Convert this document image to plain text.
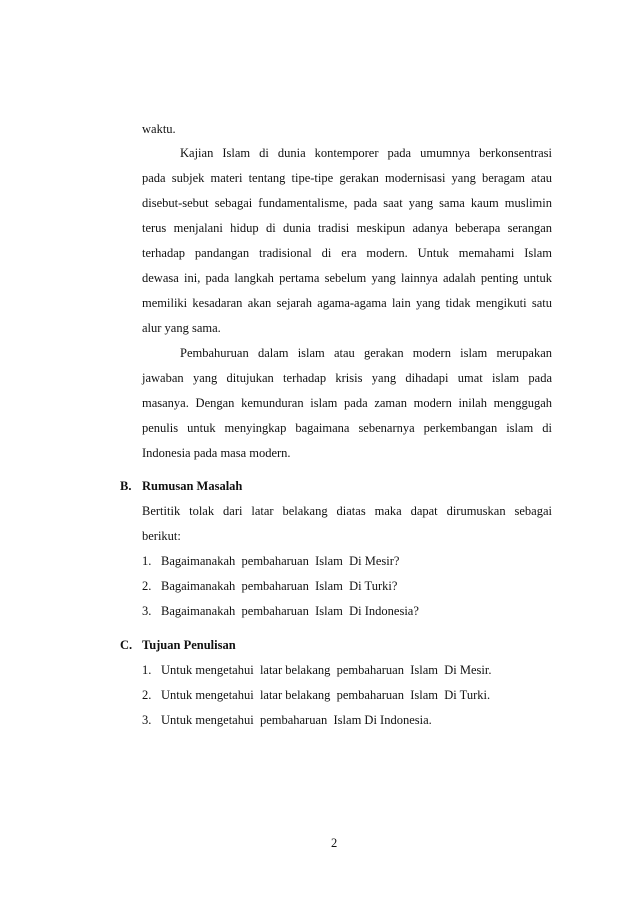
waktu.
Kajian Islam di dunia kontemporer pada umumnya berkonsentrasi
pada subjek materi tentang tipe-tipe gerakan modernisasi yang beragam atau
disebut-sebut sebagai fundamentalisme, pada saat yang sama kaum muslimin
terus menjalani hidup di dunia tradisi meskipun adanya beberapa serangan
terhadap pandangan tradisional di era modern. Untuk memahami Islam
dewasa ini, pada langkah pertama sebelum yang lainnya adalah penting untuk
memiliki kesadaran akan sejarah agama-agama lain yang tidak mengikuti satu
alur yang sama.
Pembahuruan dalam islam atau gerakan modern islam merupakan
jawaban yang ditujukan terhadap krisis yang dihadapi umat islam pada
masanya. Dengan kemunduran islam pada zaman modern inilah menggugah
penulis untuk menyingkap bagaimana sebenarnya perkembangan islam di
Indonesia pada masa modern.
B. Rumusan Masalah
Bertitik tolak dari latar belakang diatas maka dapat dirumuskan sebagai
berikut:
1. Bagaimanakah  pembaharuan  Islam  Di Mesir?
2. Bagaimanakah  pembaharuan  Islam  Di Turki?
3. Bagaimanakah  pembaharuan  Islam  Di Indonesia?
C. Tujuan Penulisan
1. Untuk mengetahui  latar belakang  pembaharuan  Islam  Di Mesir.
2. Untuk mengetahui  latar belakang  pembaharuan  Islam  Di Turki.
3. Untuk mengetahui  pembaharuan  Islam Di Indonesia.
2
